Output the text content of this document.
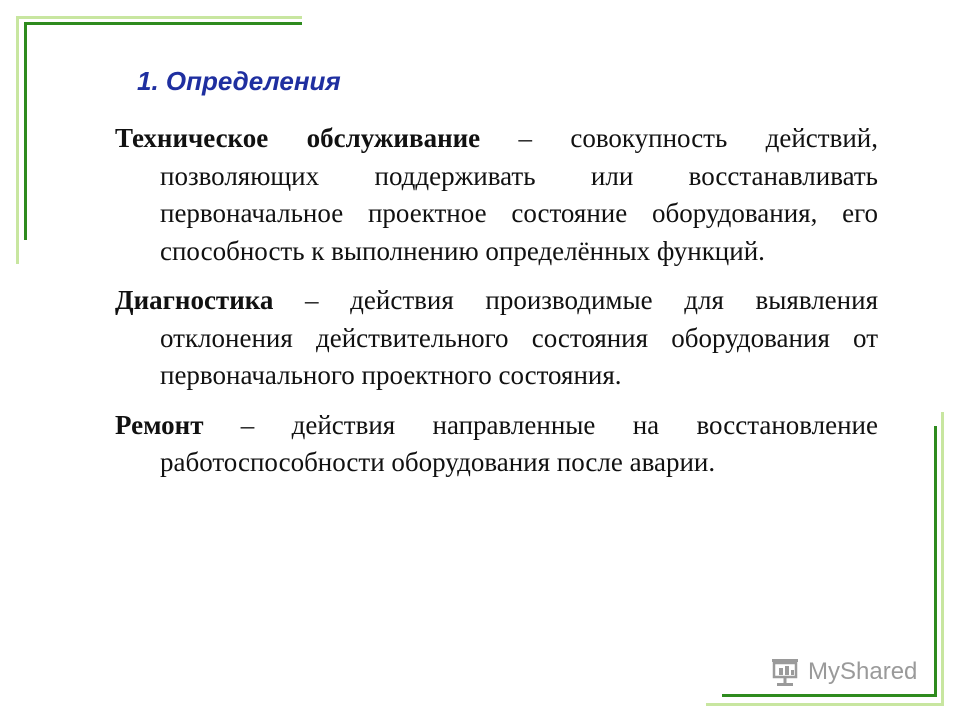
1. Определения

Техническое обслуживание – совокупность действий, позволяющих поддерживать или восстанавливать первоначальное проектное состояние оборудования, его способность к выполнению определённых функций.

Диагностика – действия производимые для выявления отклонения действительного состояния оборудования от первоначального проектного состояния.

Ремонт – действия направленные на восстановление работоспособности оборудования после аварии.

MyShared
